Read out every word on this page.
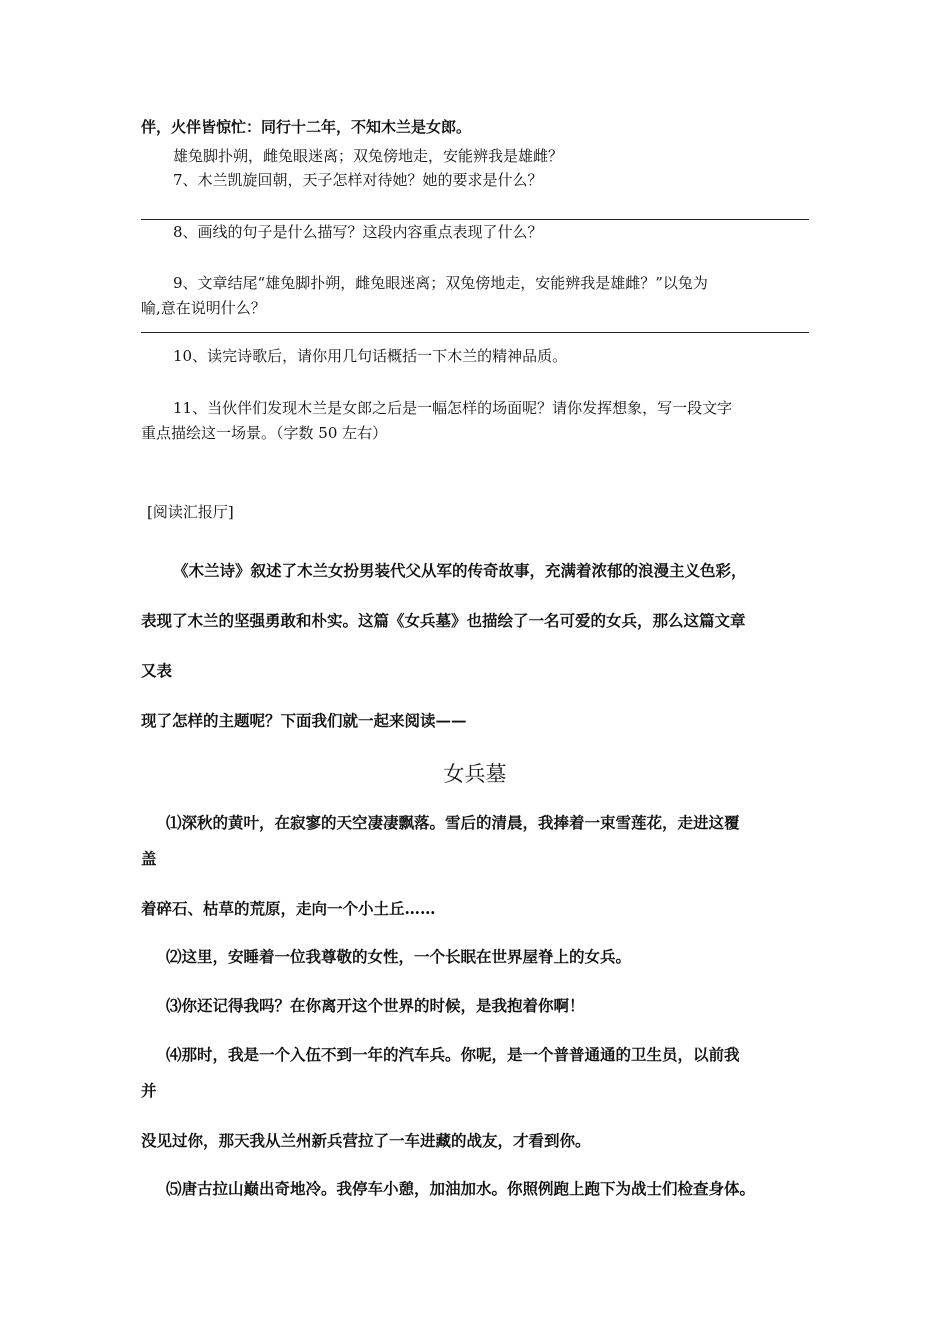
伴，火伴皆惊忙：同行十二年，不知木兰是女郎。
雄兔脚扑朔，雌兔眼迷离；双兔傍地走，安能辨我是雄雌？
7、木兰凯旋回朝，天子怎样对待她？她的要求是什么？
8、画线的句子是什么描写？这段内容重点表现了什么？
9、文章结尾“雄兔脚扑朔，雌兔眼迷离；双兔傍地走，安能辨我是雄雌？”以兔为
喻,意在说明什么？
10、读完诗歌后，请你用几句话概括一下木兰的精神品质。
11、当伙伴们发现木兰是女郎之后是一幅怎样的场面呢？请你发挥想象，写一段文字
重点描绘这一场景。（字数 50 左右）
[阅读汇报厅]
《木兰诗》叙述了木兰女扮男装代父从军的传奇故事，充满着浓郁的浪漫主义色彩，
表现了木兰的坚强勇敢和朴实。这篇《女兵墓》也描绘了一名可爱的女兵，那么这篇文章
又表
现了怎样的主题呢？下面我们就一起来阅读——
女兵墓
⑴深秋的黄叶，在寂寥的天空凄凄飘落。雪后的清晨，我捧着一束雪莲花，走进这覆
盖
着碎石、枯草的荒原，走向一个小土丘……
⑵这里，安睡着一位我尊敬的女性，一个长眠在世界屋脊上的女兵。
⑶你还记得我吗？在你离开这个世界的时候，是我抱着你啊！
⑷那时，我是一个入伍不到一年的汽车兵。你呢，是一个普普通通的卫生员，以前我
并
没见过你，那天我从兰州新兵营拉了一车进藏的战友，才看到你。
⑸唐古拉山巅出奇地冷。我停车小憩，加油加水。你照例跑上跑下为战士们检查身体。
